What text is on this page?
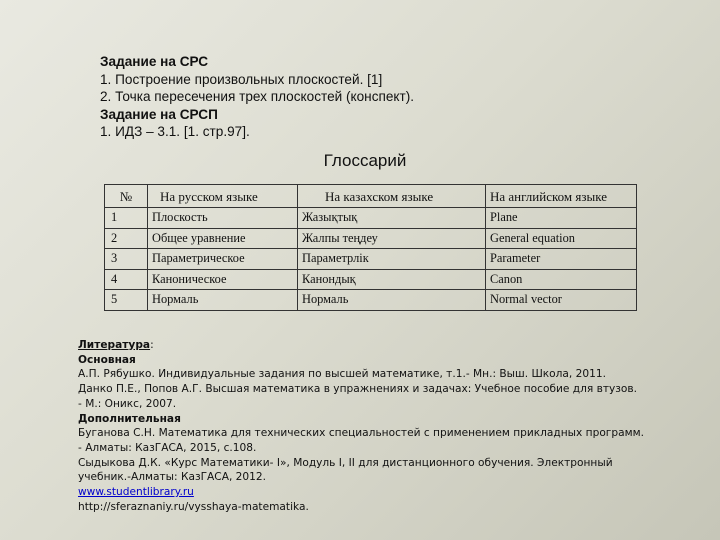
Задание на СРС
1. Построение произвольных плоскостей. [1]
2. Точка пересечения трех плоскостей (конспект).
Задание на СРСП
1. ИДЗ – 3.1. [1. стр.97].
Глоссарий
№	На русском языке	На казахском языке	На английском языке
1	Плоскость	Жазықтық	Plane
2	Общее уравнение	Жалпы теңдеу	General equation
3	Параметрическое	Параметрлік	Parameter
4	Каноническое	Канондық	Canon
5	Нормаль	Нормаль	Normal vector
Литература:
Основная
А.П. Рябушко. Индивидуальные задания по высшей математике, т.1.- Мн.: Выш. Школа, 2011.
Данко П.Е., Попов А.Г. Высшая математика в упражнениях и задачах: Учебное пособие для втузов.
- М.: Оникс, 2007.
Дополнительная
Буганова С.Н. Математика для технических специальностей с применением прикладных программ.
- Алматы: КазГАСА, 2015, с.108.
Сыдыкова Д.К. «Курс Математики- I», Модуль I, II для дистанционного обучения. Электронный
учебник.-Алматы: КазГАСА, 2012.
www.studentlibrary.ru
http://sferaznaniy.ru/vysshaya-matematika.
